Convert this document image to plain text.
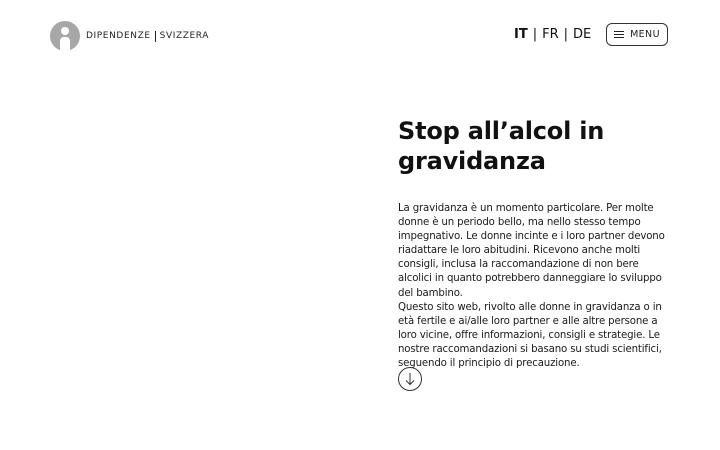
DIPENDENZE SVIZZERA	IT | FR | DE	MENU
Stop all’alcol in gravidanza

La gravidanza è un momento particolare. Per molte donne è un periodo bello, ma nello stesso tempo impegnativo. Le donne incinte e i loro partner devono riadattare le loro abitudini. Ricevono anche molti consigli, inclusa la raccomandazione di non bere alcolici in quanto potrebbero danneggiare lo sviluppo del bambino.

Questo sito web, rivolto alle donne in gravidanza o in età fertile e ai/alle loro partner e alle altre persone a loro vicine, offre informazioni, consigli e strategie. Le nostre raccomandazioni si basano su studi scientifici, seguendo il principio di precauzione.
